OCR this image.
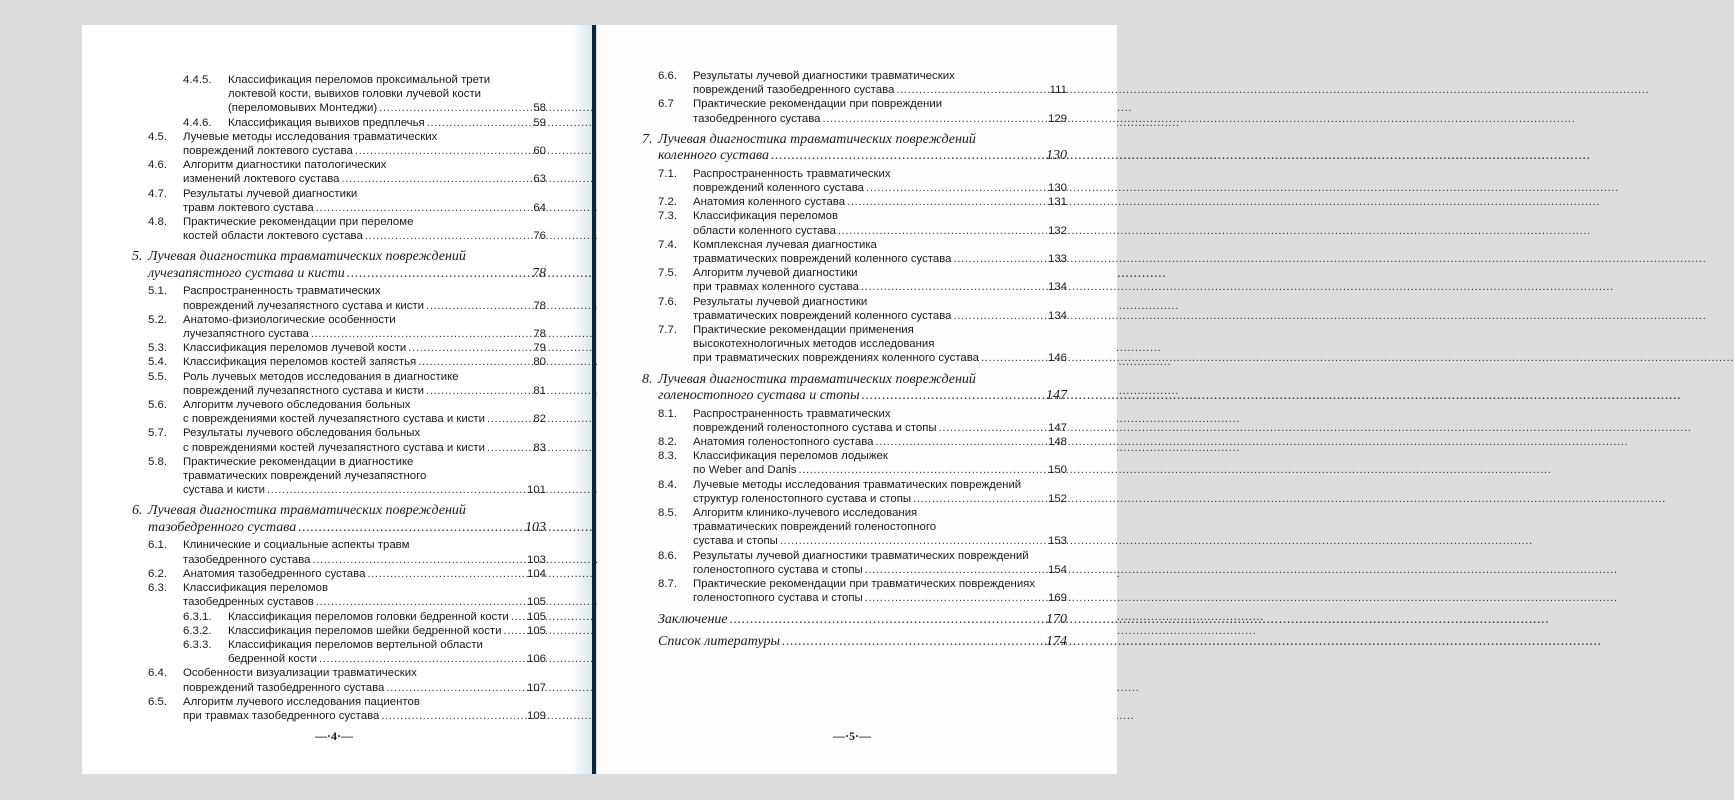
4.4.5. Классификация переломов проксимальной трети
локтевой кости, вывихов головки лучевой кости
(переломовывих Монтеджи) .....	58
4.4.6. Классификация вывихов предплечья .....	59
4.5. Лучевые методы исследования травматических
повреждений локтевого сустава .....	60
4.6. Алгоритм диагностики патологических
изменений локтевого сустава .....	63
4.7. Результаты лучевой диагностики
травм локтевого сустава .....	64
4.8. Практические рекомендации при переломе
костей области локтевого сустава .....	76
5. Лучевая диагностика травматических повреждений
лучезапястного сустава и кисти .....	78
5.1. Распространенность травматических
повреждений лучезапястного сустава и кисти .....	78
5.2. Анатомо-физиологические особенности
лучезапястного сустава .....	78
5.3. Классификация переломов лучевой кости .....	79
5.4. Классификация переломов костей запястья .....	80
5.5. Роль лучевых методов исследования в диагностике
повреждений лучезапястного сустава и кисти .....	81
5.6. Алгоритм лучевого обследования больных
с повреждениями костей лучезапястного сустава и кисти .....	82
5.7. Результаты лучевого обследования больных
с повреждениями костей лучезапястного сустава и кисти .....	83
5.8. Практические рекомендации в диагностике
травматических повреждений лучезапястного
сустава и кисти .....	101
6. Лучевая диагностика травматических повреждений
тазобедренного сустава .....	103
6.1. Клинические и социальные аспекты травм
тазобедренного сустава .....	103
6.2. Анатомия тазобедренного сустава .....	104
6.3. Классификация переломов
тазобедренных суставов .....	105
6.3.1. Классификация переломов головки бедренной кости ..... 105
6.3.2. Классификация переломов шейки бедренной кости ..... 105
6.3.3. Классификация переломов вертельной области
бедренной кости .....	106
6.4. Особенности визуализации травматических
повреждений тазобедренного сустава .....	107
6.5. Алгоритм лучевого исследования пациентов
при травмах тазобедренного сустава .....	109
—·4·—
6.6. Результаты лучевой диагностики травматических
повреждений тазобедренного сустава .....	111
6.7 Практические рекомендации при повреждении
тазобедренного сустава .....	129
7. Лучевая диагностика травматических повреждений
коленного сустава .....	130
7.1. Распространенность травматических
повреждений коленного сустава .....	130
7.2. Анатомия коленного сустава .....	131
7.3. Классификация переломов
области коленного сустава .....	132
7.4. Комплексная лучевая диагностика
травматических повреждений коленного сустава .....	133
7.5. Алгоритм лучевой диагностики
при травмах коленного сустава .....	134
7.6. Результаты лучевой диагностики
травматических повреждений коленного сустава .....	134
7.7. Практические рекомендации применения
высокотехнологичных методов исследования
при травматических повреждениях коленного сустава .....	146
8. Лучевая диагностика травматических повреждений
голеностопного сустава и стопы .....	147
8.1. Распространенность травматических
повреждений голеностопного сустава и стопы .....	147
8.2. Анатомия голеностопного сустава .....	148
8.3. Классификация переломов лодыжек
по Weber and Danis .....	150
8.4. Лучевые методы исследования травматических повреждений
структур голеностопного сустава и стопы .....	152
8.5. Алгоритм клинико-лучевого исследования
травматических повреждений голеностопного
сустава и стопы .....	153
8.6. Результаты лучевой диагностики травматических повреждений
голеностопного сустава и стопы .....	154
8.7. Практические рекомендации при травматических повреждениях
голеностопного сустава и стопы .....	169
Заключение .....	170
Список литературы .....	174
—·5·—
